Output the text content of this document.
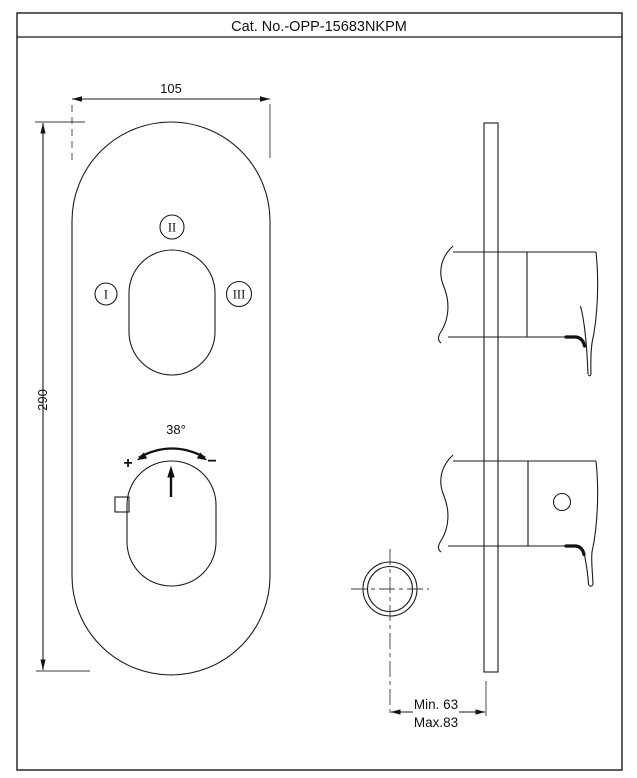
Cat. No.-OPP-15683NKPM
I
II
III
38°
+	−
105
290
Min. 63
Max.83
